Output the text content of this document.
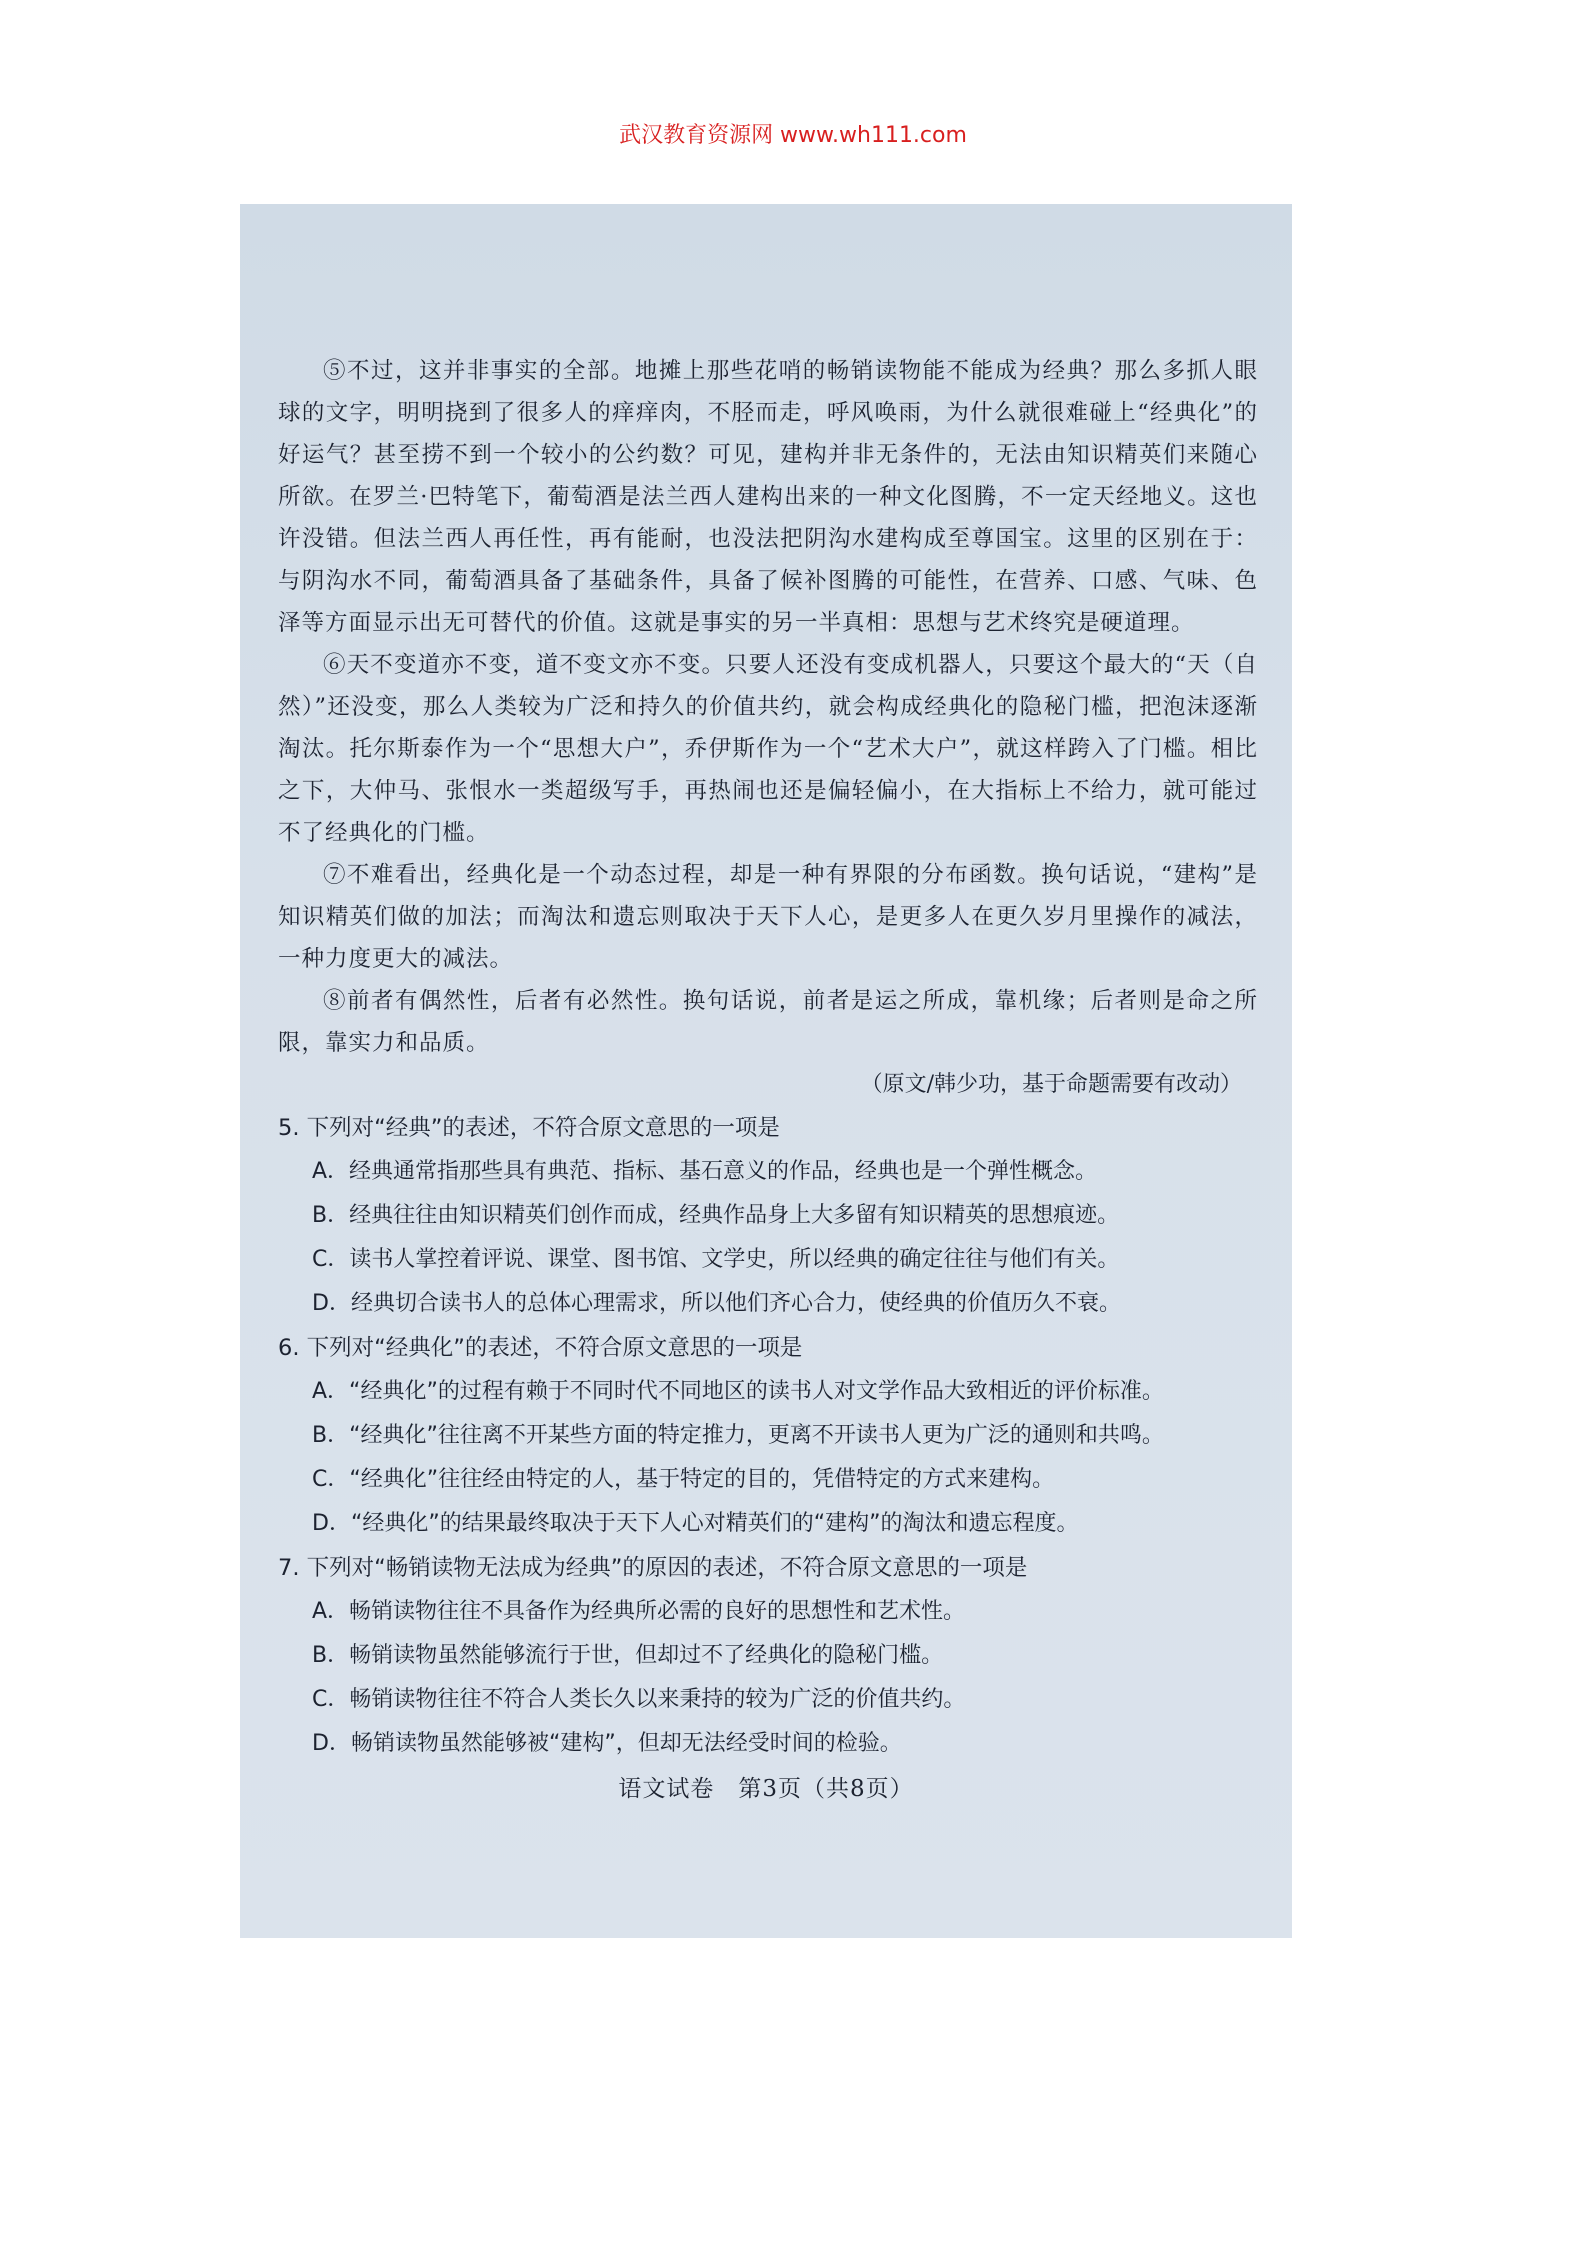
武汉教育资源网 www.wh111.com

⑤不过，这并非事实的全部。地摊上那些花哨的畅销读物能不能成为经典？那么多抓人眼球的文字，明明挠到了很多人的痒痒肉，不胫而走，呼风唤雨，为什么就很难碰上“经典化”的好运气？甚至捞不到一个较小的公约数？可见，建构并非无条件的，无法由知识精英们来随心所欲。在罗兰·巴特笔下，葡萄酒是法兰西人建构出来的一种文化图腾，不一定天经地义。这也许没错。但法兰西人再任性，再有能耐，也没法把阴沟水建构成至尊国宝。这里的区别在于：与阴沟水不同，葡萄酒具备了基础条件，具备了候补图腾的可能性，在营养、口感、气味、色泽等方面显示出无可替代的价值。这就是事实的另一半真相：思想与艺术终究是硬道理。

⑥天不变道亦不变，道不变文亦不变。只要人还没有变成机器人，只要这个最大的“天（自然）”还没变，那么人类较为广泛和持久的价值共约，就会构成经典化的隐秘门槛，把泡沫逐渐淘汰。托尔斯泰作为一个“思想大户”，乔伊斯作为一个“艺术大户”，就这样跨入了门槛。相比之下，大仲马、张恨水一类超级写手，再热闹也还是偏轻偏小，在大指标上不给力，就可能过不了经典化的门槛。

⑦不难看出，经典化是一个动态过程，却是一种有界限的分布函数。换句话说，“建构”是知识精英们做的加法；而淘汰和遗忘则取决于天下人心，是更多人在更久岁月里操作的减法，一种力度更大的减法。

⑧前者有偶然性，后者有必然性。换句话说，前者是运之所成，靠机缘；后者则是命之所限，靠实力和品质。

（原文/韩少功，基于命题需要有改动）

5. 下列对“经典”的表述，不符合原文意思的一项是

A．经典通常指那些具有典范、指标、基石意义的作品，经典也是一个弹性概念。

B．经典往往由知识精英们创作而成，经典作品身上大多留有知识精英的思想痕迹。

C．读书人掌控着评说、课堂、图书馆、文学史，所以经典的确定往往与他们有关。

D．经典切合读书人的总体心理需求，所以他们齐心合力，使经典的价值历久不衰。

6. 下列对“经典化”的表述，不符合原文意思的一项是

A．“经典化”的过程有赖于不同时代不同地区的读书人对文学作品大致相近的评价标准。

B．“经典化”往往离不开某些方面的特定推力，更离不开读书人更为广泛的通则和共鸣。

C．“经典化”往往经由特定的人，基于特定的目的，凭借特定的方式来建构。

D．“经典化”的结果最终取决于天下人心对精英们的“建构”的淘汰和遗忘程度。

7. 下列对“畅销读物无法成为经典”的原因的表述，不符合原文意思的一项是

A．畅销读物往往不具备作为经典所必需的良好的思想性和艺术性。

B．畅销读物虽然能够流行于世，但却过不了经典化的隐秘门槛。

C．畅销读物往往不符合人类长久以来秉持的较为广泛的价值共约。

D．畅销读物虽然能够被“建构”，但却无法经受时间的检验。

语文试卷　第3页（共8页）
